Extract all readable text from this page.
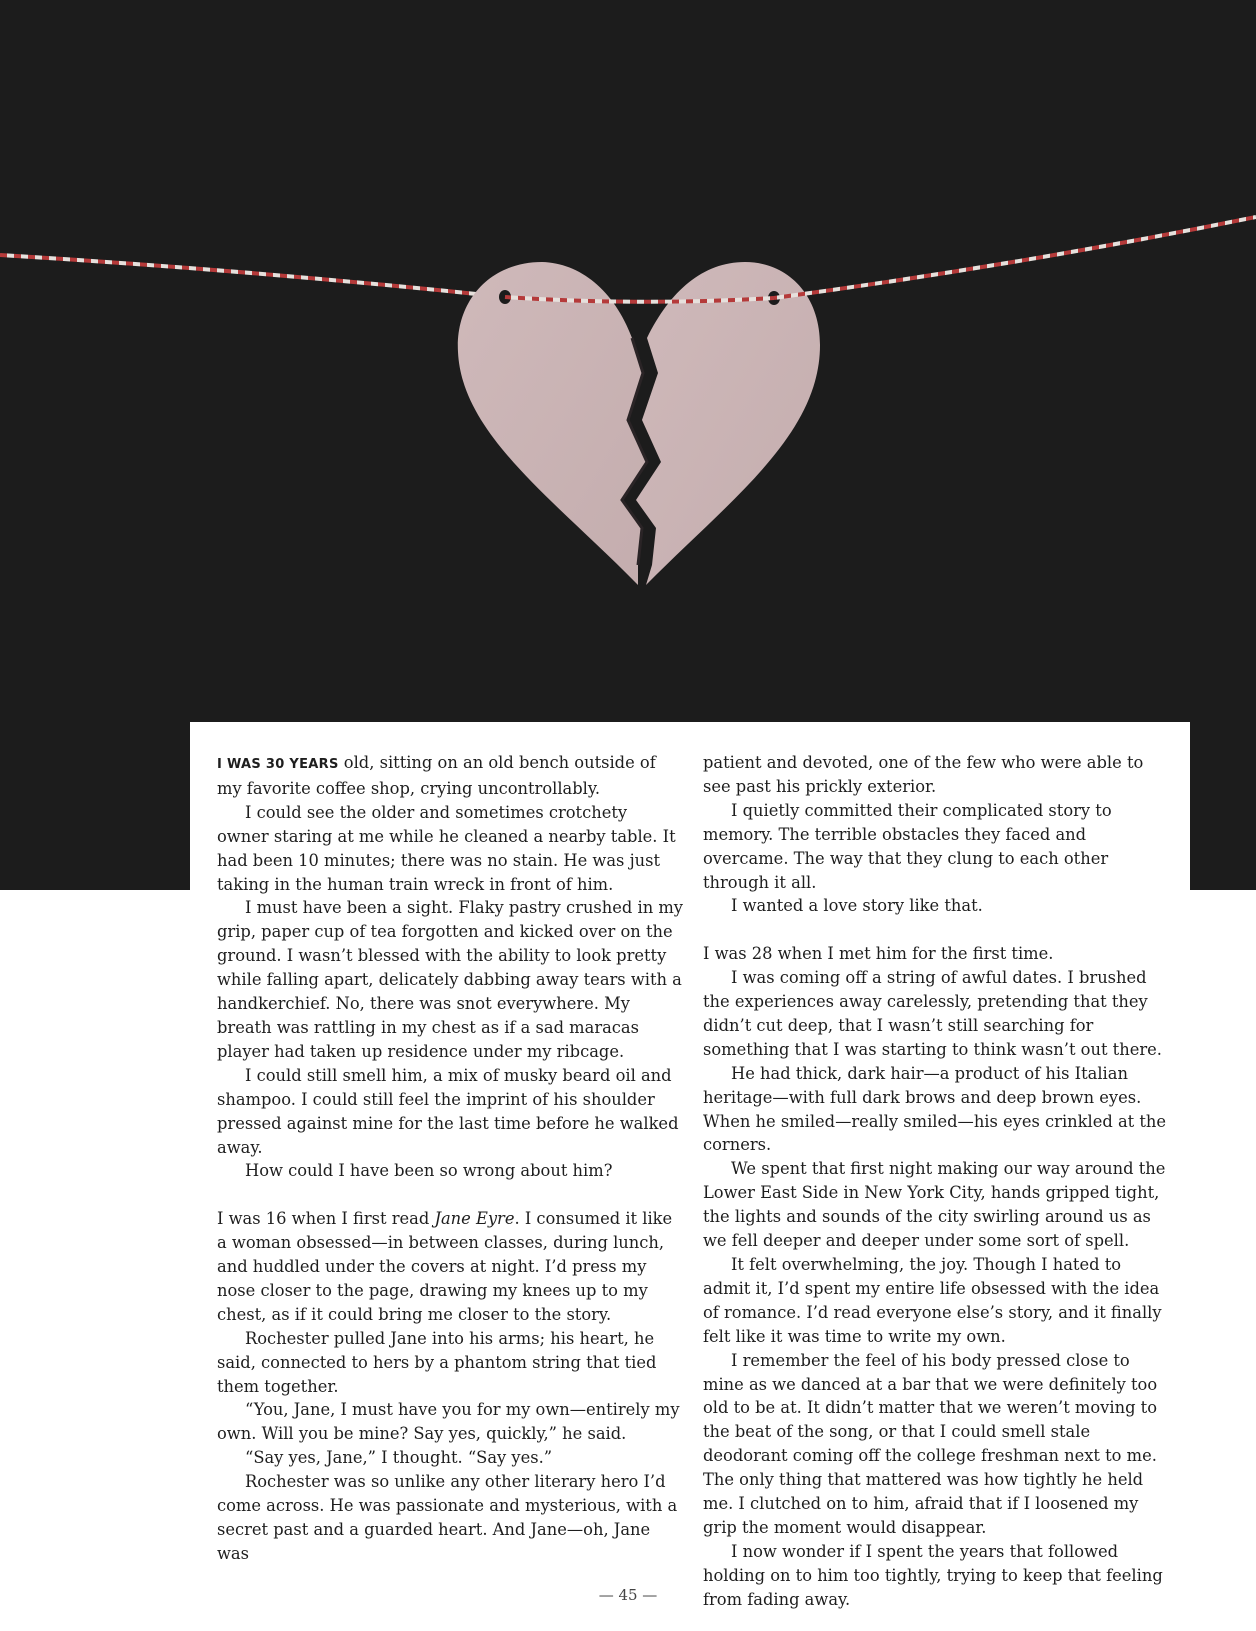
I WAS 30 YEARS old, sitting on an old bench outside of my favorite coffee shop, crying uncontrollably.

I could see the older and sometimes crotchety owner staring at me while he cleaned a nearby table. It had been 10 minutes; there was no stain. He was just taking in the human train wreck in front of him.

I must have been a sight. Flaky pastry crushed in my grip, paper cup of tea forgotten and kicked over on the ground. I wasn’t blessed with the ability to look pretty while falling apart, delicately dabbing away tears with a handkerchief. No, there was snot everywhere. My breath was rattling in my chest as if a sad maracas player had taken up residence under my ribcage.

I could still smell him, a mix of musky beard oil and shampoo. I could still feel the imprint of his shoulder pressed against mine for the last time before he walked away.

How could I have been so wrong about him?

I was 16 when I first read Jane Eyre. I consumed it like a woman obsessed—in between classes, during lunch, and huddled under the covers at night. I’d press my nose closer to the page, drawing my knees up to my chest, as if it could bring me closer to the story.

Rochester pulled Jane into his arms; his heart, he said, connected to hers by a phantom string that tied them together.

“You, Jane, I must have you for my own—entirely my own. Will you be mine? Say yes, quickly,” he said.

“Say yes, Jane,” I thought. “Say yes.”

Rochester was so unlike any other literary hero I’d come across. He was passionate and mysterious, with a secret past and a guarded heart. And Jane—oh, Jane was

patient and devoted, one of the few who were able to see past his prickly exterior.

I quietly committed their complicated story to memory. The terrible obstacles they faced and overcame. The way that they clung to each other through it all.

I wanted a love story like that.

I was 28 when I met him for the first time.

I was coming off a string of awful dates. I brushed the experiences away carelessly, pretending that they didn’t cut deep, that I wasn’t still searching for something that I was starting to think wasn’t out there.

He had thick, dark hair—a product of his Italian heritage—with full dark brows and deep brown eyes. When he smiled—really smiled—his eyes crinkled at the corners.

We spent that first night making our way around the Lower East Side in New York City, hands gripped tight, the lights and sounds of the city swirling around us as we fell deeper and deeper under some sort of spell.

It felt overwhelming, the joy. Though I hated to admit it, I’d spent my entire life obsessed with the idea of romance. I’d read everyone else’s story, and it finally felt like it was time to write my own.

I remember the feel of his body pressed close to mine as we danced at a bar that we were definitely too old to be at. It didn’t matter that we weren’t moving to the beat of the song, or that I could smell stale deodorant coming off the college freshman next to me. The only thing that mattered was how tightly he held me. I clutched on to him, afraid that if I loosened my grip the moment would disappear.

I now wonder if I spent the years that followed holding on to him too tightly, trying to keep that feeling from fading away.

— 45 —
